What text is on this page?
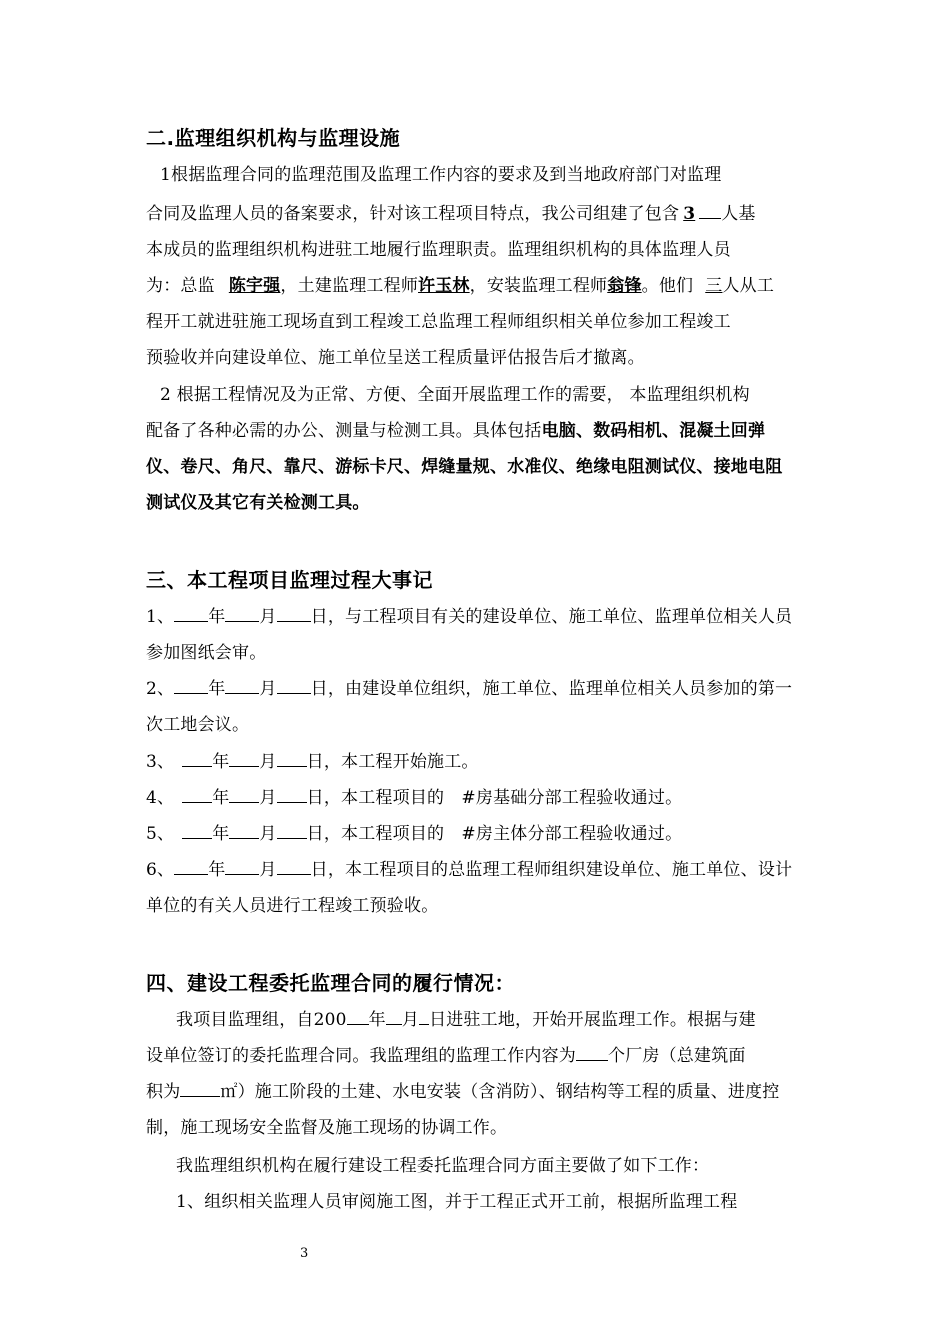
二.监理组织机构与监理设施
1根据监理合同的监理范围及监理工作内容的要求及到当地政府部门对监理
合同及监理人员的备案要求，针对该工程项目特点，我公司组建了包含 3 人基
本成员的监理组织机构进驻工地履行监理职责。监理组织机构的具体监理人员
为：总监 陈宇强，土建监理工程师许玉林，安装监理工程师翁锋。他们 三人从工
程开工就进驻施工现场直到工程竣工总监理工程师组织相关单位参加工程竣工
预验收并向建设单位、施工单位呈送工程质量评估报告后才撤离。
2 根据工程情况及为正常、方便、全面开展监理工作的需要， 本监理组织机构
配备了各种必需的办公、测量与检测工具。具体包括电脑、数码相机、混凝土回弹
仪、卷尺、角尺、靠尺、游标卡尺、焊缝量规、水准仪、绝缘电阻测试仪、接地电阻
测试仪及其它有关检测工具。
三、本工程项目监理过程大事记
1、 年 月 日，与工程项目有关的建设单位、施工单位、监理单位相关人员
参加图纸会审。
2、 年 月 日，由建设单位组织，施工单位、监理单位相关人员参加的第一
次工地会议。
3、 年 月 日，本工程开始施工。
4、 年 月 日，本工程项目的　#房基础分部工程验收通过。
5、 年 月 日，本工程项目的　#房主体分部工程验收通过。
6、 年 月 日，本工程项目的总监理工程师组织建设单位、施工单位、设计
单位的有关人员进行工程竣工预验收。
四、建设工程委托监理合同的履行情况：
我项目监理组，自200 年 月 日进驻工地，开始开展监理工作。根据与建
设单位签订的委托监理合同。我监理组的监理工作内容为 个厂房（总建筑面
积为 ㎡）施工阶段的土建、水电安装（含消防）、钢结构等工程的质量、进度控
制，施工现场安全监督及施工现场的协调工作。
我监理组织机构在履行建设工程委托监理合同方面主要做了如下工作：
1、组织相关监理人员审阅施工图，并于工程正式开工前，根据所监理工程
3
